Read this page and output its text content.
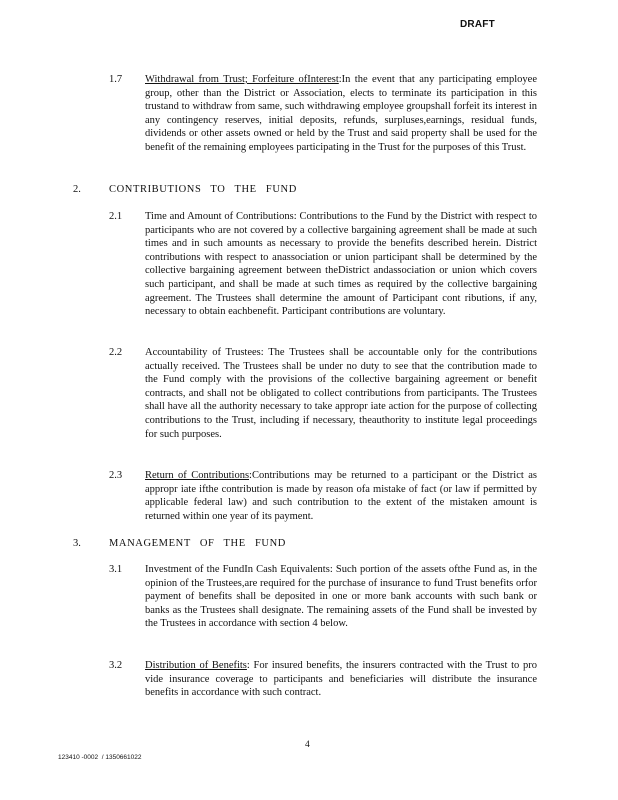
DRAFT
1.7 Withdrawal from Trust; Forfeiture ofInterest:In the event that any participating employee group, other than the District or Association, elects to terminate its participation in this trustand to withdraw from same, such withdrawing employee groupshall forfeit its interest in any contingency reserves, initial deposits, refunds, surpluses,earnings, residual funds, dividends or other assets owned or held by the Trust and said property shall be used for the benefit of the remaining employees participating in the Trust for the purposes of this Trust.
2.	CONTRIBUTIONS TO THE FUND
2.1 Time and Amount of Contributions: Contributions to the Fund by the District with respect to participants who are not covered by a collective bargaining agreement shall be made at such times and in such amounts as necessary to provide the benefits described herein. District contributions with respect to anassociation or union participant shall be determined by the collective bargaining agreement between theDistrict andassociation or union which covers such participant, and shall be made at such times as required by the collective bargaining agreement. The Trustees shall determine the amount of Participant cont ributions, if any, necessary to obtain eachbenefit. Participant contributions are voluntary.
2.2 Accountability of Trustees: The Trustees shall be accountable only for the contributions actually received. The Trustees shall be under no duty to see that the contribution made to the Fund comply with the provisions of the collective bargaining agreement or benefit contracts, and shall not be obligated to collect contributions from participants. The Trustees shall have all the authority necessary to take appropr iate action for the purpose of collecting contributions to the Trust, including if necessary, theauthority to institute legal proceedings for such purposes.
2.3 Return of Contributions:Contributions may be returned to a participant or the District as appropr iate ifthe contribution is made by reason ofa mistake of fact (or law if permitted by applicable federal law) and such contribution to the extent of the mistaken amount is returned within one year of its payment.
3.	MANAGEMENT OF THE FUND
3.1 Investment of the FundIn Cash Equivalents: Such portion of the assets ofthe Fund as, in the opinion of the Trustees,are required for the purchase of insurance to fund Trust benefits orfor payment of benefits shall be deposited in one or more bank accounts with such bank or banks as the Trustees shall designate. The remaining assets of the Fund shall be invested by the Trustees in accordance with section 4 below.
3.2 Distribution of Benefits: For insured benefits, the insurers contracted with the Trust to pro vide insurance coverage to participants and beneficiaries will distribute the insurance benefits in accordance with such contract.
4
123410 -0002  / 1350661022
